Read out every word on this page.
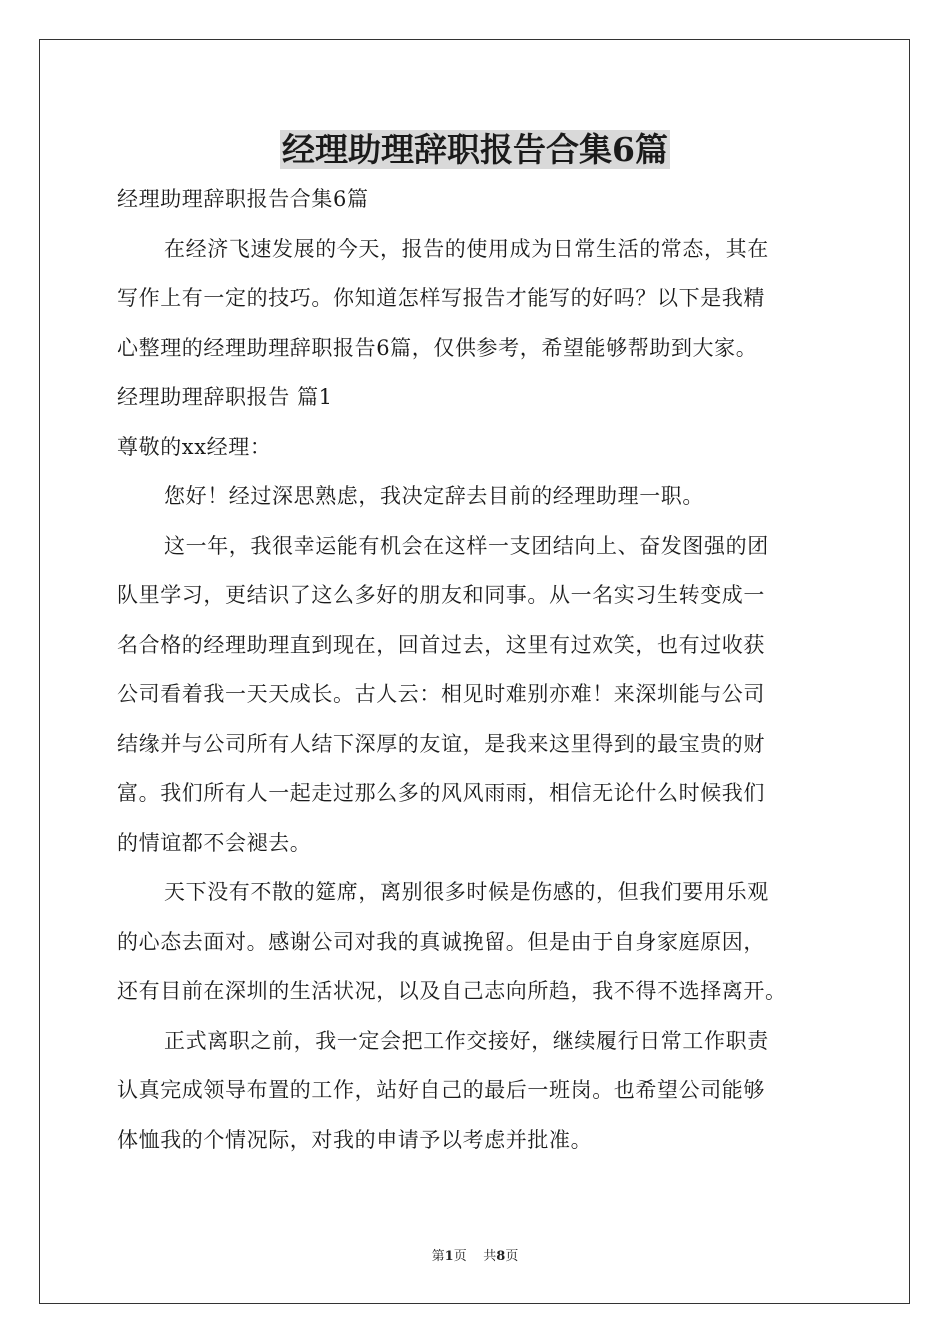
经理助理辞职报告合集6篇
经理助理辞职报告合集6篇
在经济飞速发展的今天，报告的使用成为日常生活的常态，其在
写作上有一定的技巧。你知道怎样写报告才能写的好吗？以下是我精
心整理的经理助理辞职报告6篇，仅供参考，希望能够帮助到大家。
经理助理辞职报告 篇1
尊敬的xx经理：
您好！经过深思熟虑，我决定辞去目前的经理助理一职。
这一年，我很幸运能有机会在这样一支团结向上、奋发图强的团
队里学习，更结识了这么多好的朋友和同事。从一名实习生转变成一
名合格的经理助理直到现在，回首过去，这里有过欢笑，也有过收获
公司看着我一天天成长。古人云：相见时难别亦难！来深圳能与公司
结缘并与公司所有人结下深厚的友谊，是我来这里得到的最宝贵的财
富。我们所有人一起走过那么多的风风雨雨，相信无论什么时候我们
的情谊都不会褪去。
天下没有不散的筵席，离别很多时候是伤感的，但我们要用乐观
的心态去面对。感谢公司对我的真诚挽留。但是由于自身家庭原因，
还有目前在深圳的生活状况，以及自己志向所趋，我不得不选择离开。
正式离职之前，我一定会把工作交接好，继续履行日常工作职责
认真完成领导布置的工作，站好自己的最后一班岗。也希望公司能够
体恤我的个情况际，对我的申请予以考虑并批准。
第1页 共8页
